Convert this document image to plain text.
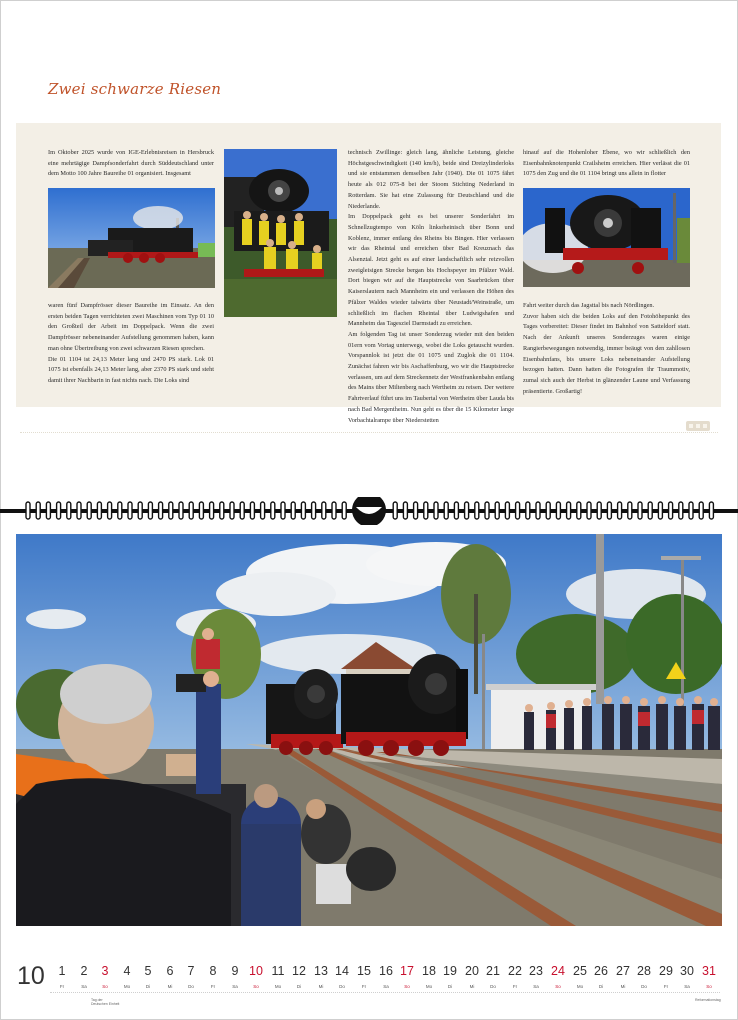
Zwei schwarze Riesen
Im Oktober 2025 wurde von IGE-Erlebnisreisen in Hersbruck eine mehrtägige Dampfsonderfahrt durch Süddeutschland unter dem Motto 100 Jahre Baureihe 01 organisiert. Insgesamt
waren fünf Dampfrösser dieser Baureihe im Einsatz. An den ersten beiden Tagen verrichteten zwei Maschinen vom Typ 01 10 den Großteil der Arbeit im Doppelpack. Wenn die zwei Dampfrösser nebeneinander Aufstellung genommen haben, kann man ohne Übertreibung von zwei schwarzen Riesen sprechen.
Die 01 1104 ist 24,13 Meter lang und 2470 PS stark. Lok 01 1075 ist ebenfalls 24,13 Meter lang, aber 2370 PS stark und steht damit ihrer Nachbarin in fast nichts nach. Die Loks sind
technisch Zwillinge: gleich lang, ähnliche Leistung, gleiche Höchstgeschwindigkeit (140 km/h), beide sind Dreizylinderloks und sie entstammen demselben Jahr (1940). Die 01 1075 fährt heute als 012 075-8 bei der Stoom Stichting Nederland in Rotterdam. Sie hat eine Zulassung für Deutschland und die Niederlande.
Im Doppelpack geht es bei unserer Sonderfahrt im Schnellzugtempo von Köln linksrheinisch über Bonn und Koblenz, immer entlang des Rheins bis Bingen. Hier verlassen wir das Rheintal und erreichen über Bad Kreuznach das Alsenztal. Jetzt geht es auf einer landschaftlich sehr reizvollen zweigleisigen Strecke bergan bis Hochspeyer im Pfälzer Wald. Dort biegen wir auf die Hauptstrecke von Saarbrücken über Kaiserslautern nach Mannheim ein und verlassen die Höhen des Pfälzer Waldes wieder talwärts über Neustadt/Weinstraße, um schließlich im flachen Rheintal über Ludwigshafen und Mannheim das Tagesziel Darmstadt zu erreichen.
Am folgenden Tag ist unser Sonderzug wieder mit den beiden 01ern vom Vortag unterwegs, wobei die Loks getauscht wurden. Vorspannlok ist jetzt die 01 1075 und Zuglok die 01 1104. Zunächst fahren wir bis Aschaffenburg, wo wir die Hauptstrecke verlassen, um auf dem Streckennetz der Westfrankenbahn entlang des Mains über Miltenberg nach Wertheim zu reisen. Der weitere Fahrtverlauf führt uns im Taubertal von Wertheim über Lauda bis nach Bad Mergentheim. Nun geht es über die 15 Kilometer lange Vorbachtalrampe über Niederstetten
hinauf auf die Hohenloher Ebene, wo wir schließlich den Eisenbahnknotenpunkt Crailsheim erreichen. Hier verlässt die 01 1075 den Zug und die 01 1104 bringt uns allein in flotter
Fahrt weiter durch das Jagsttal bis nach Nördlingen.
Zuvor haben sich die beiden Loks auf den Fotohöhepunkt des Tages vorbereitet: Dieser findet im Bahnhof von Satteldorf statt. Nach der Ankunft unseres Sonderzuges waren einige Rangierbewegungen notwendig, immer beäugt von den zahllosen Eisenbahnfans, bis unsere Loks nebeneinander Aufstellung bezogen hatten. Dann hatten die Fotografen ihr Traummotiv, zumal sich auch der Herbst in glänzender Laune und Verfassung präsentierte. Großartig!
10	1
Fr
2
Sa
3
So
4
Mo
5
Di
6
Mi
7
Do
8
Fr
9
Sa
10
So
11
Mo
12
Di
13
Mi
14
Do
15
Fr
16
Sa
17
So
18
Mo
19
Di
20
Mi
21
Do
22
Fr
23
Sa
24
So
25
Mo
26
Di
27
Mi
28
Do
29
Fr
30
Sa
31
So
Tag der
Deutschen Einheit
Reformationstag
